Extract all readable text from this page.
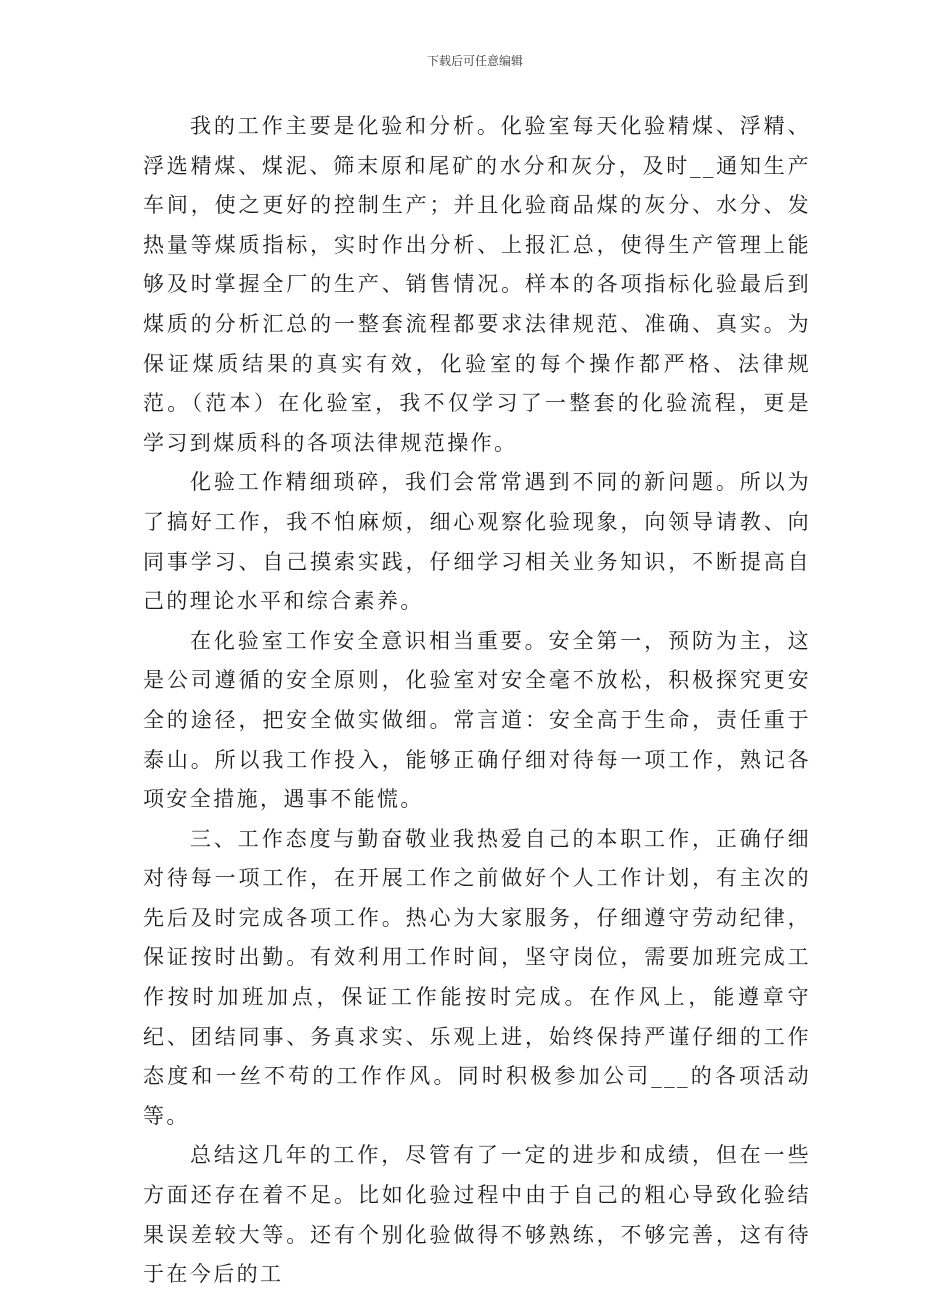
下载后可任意编辑

我的工作主要是化验和分析。化验室每天化验精煤、浮精、浮选精煤、煤泥、筛末原和尾矿的水分和灰分，及时__通知生产车间，使之更好的控制生产；并且化验商品煤的灰分、水分、发热量等煤质指标，实时作出分析、上报汇总，使得生产管理上能够及时掌握全厂的生产、销售情况。样本的各项指标化验最后到煤质的分析汇总的一整套流程都要求法律规范、准确、真实。为保证煤质结果的真实有效，化验室的每个操作都严格、法律规范。（范本）在化验室，我不仅学习了一整套的化验流程，更是学习到煤质科的各项法律规范操作。

化验工作精细琐碎，我们会常常遇到不同的新问题。所以为了搞好工作，我不怕麻烦，细心观察化验现象，向领导请教、向同事学习、自己摸索实践，仔细学习相关业务知识，不断提高自己的理论水平和综合素养。

在化验室工作安全意识相当重要。安全第一，预防为主，这是公司遵循的安全原则，化验室对安全毫不放松，积极探究更安全的途径，把安全做实做细。常言道：安全高于生命，责任重于泰山。所以我工作投入，能够正确仔细对待每一项工作，熟记各项安全措施，遇事不能慌。

三、工作态度与勤奋敬业我热爱自己的本职工作，正确仔细对待每一项工作，在开展工作之前做好个人工作计划，有主次的先后及时完成各项工作。热心为大家服务，仔细遵守劳动纪律，保证按时出勤。有效利用工作时间，坚守岗位，需要加班完成工作按时加班加点，保证工作能按时完成。在作风上，能遵章守纪、团结同事、务真求实、乐观上进，始终保持严谨仔细的工作态度和一丝不苟的工作作风。同时积极参加公司___的各项活动等。

总结这几年的工作，尽管有了一定的进步和成绩，但在一些方面还存在着不足。比如化验过程中由于自己的粗心导致化验结果误差较大等。还有个别化验做得不够熟练，不够完善，这有待于在今后的工
